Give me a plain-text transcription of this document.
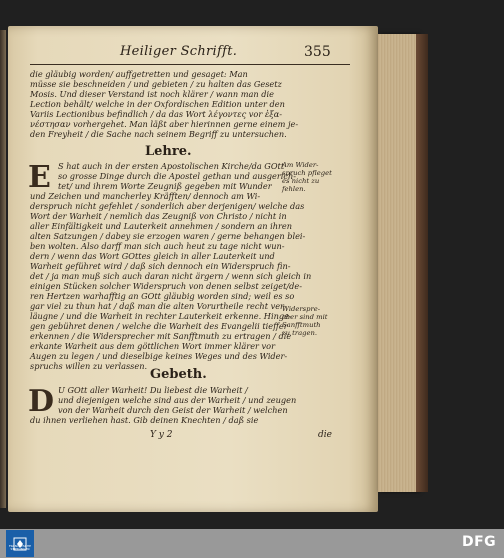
Heiliger Schrifft.	355
die gläubig worden/ auffgetretten und gesaget: Man
müsse sie beschneiden / und gebieten / zu halten das Gesetz
Mosis. Und dieser Verstand ist noch klärer / wann man die
Lection behält/ welche in der Oxfordischen Edition unter den
Variis Lectionibus befindlich / da das Wort λέγοντες vor ἐξα-
νέστησαν vorhergehet. Man läßt aber hierinnen gerne einem je-
den Freyheit / die Sache nach seinem Begriff zu untersuchen.
Lehre.
E S hat auch in der ersten Apostolischen Kirche/da GOtt
so grosse Dinge durch die Apostel gethan und ausgerich-
tet/ und ihrem Worte Zeugniß gegeben mit Wunder
und Zeichen und mancherley Kräfften/ dennoch am Wi-
derspruch nicht gefehlet / sonderlich aber derjenigen/ welche das
Wort der Warheit / nemlich das Zeugniß von Christo / nicht in
aller Einfältigkeit und Lauterkeit annehmen / sondern an ihren
alten Satzungen / dabey sie erzogen waren / gerne behangen blei-
ben wolten. Also darff man sich auch heut zu tage nicht wun-
dern / wenn das Wort GOttes gleich in aller Lauterkeit und
Warheit geführet wird / daß sich dennoch ein Widerspruch fin-
det / ja man muß sich auch daran nicht ärgern / wenn sich gleich in
einigen Stücken solcher Widerspruch von denen selbst zeiget/de-
ren Hertzen warhafftig an GOtt gläubig worden sind; weil es so
gar viel zu thun hat / daß man die alten Vorurtheile recht ver-
läugne / und die Warheit in rechter Lauterkeit erkenne. Hinge-
gen gebühret denen / welche die Warheit des Evangelii tieffer
erkennen / die Widersprecher mit Sanfftmuth zu ertragen / die
erkante Warheit aus dem göttlichen Wort immer klärer vor
Augen zu legen / und dieselbige keines Weges und des Wider-
spruchs willen zu verlassen.
Am Wider-
spruch pfleget
es nicht zu
fehlen.
Widerspre-
cher sind mit
Sanfftmuth
zu tragen.
Gebeth.
D U GOtt aller Warheit! Du liebest die Warheit /
und diejenigen welche sind aus der Warheit / und zeugen
von der Warheit durch den Geist der Warheit / welchen
du ihnen verliehen hast. Gib deinen Knechten / daß sie
Y y 2	die
FRANCKESCHE STIFTUNGEN	DFG
